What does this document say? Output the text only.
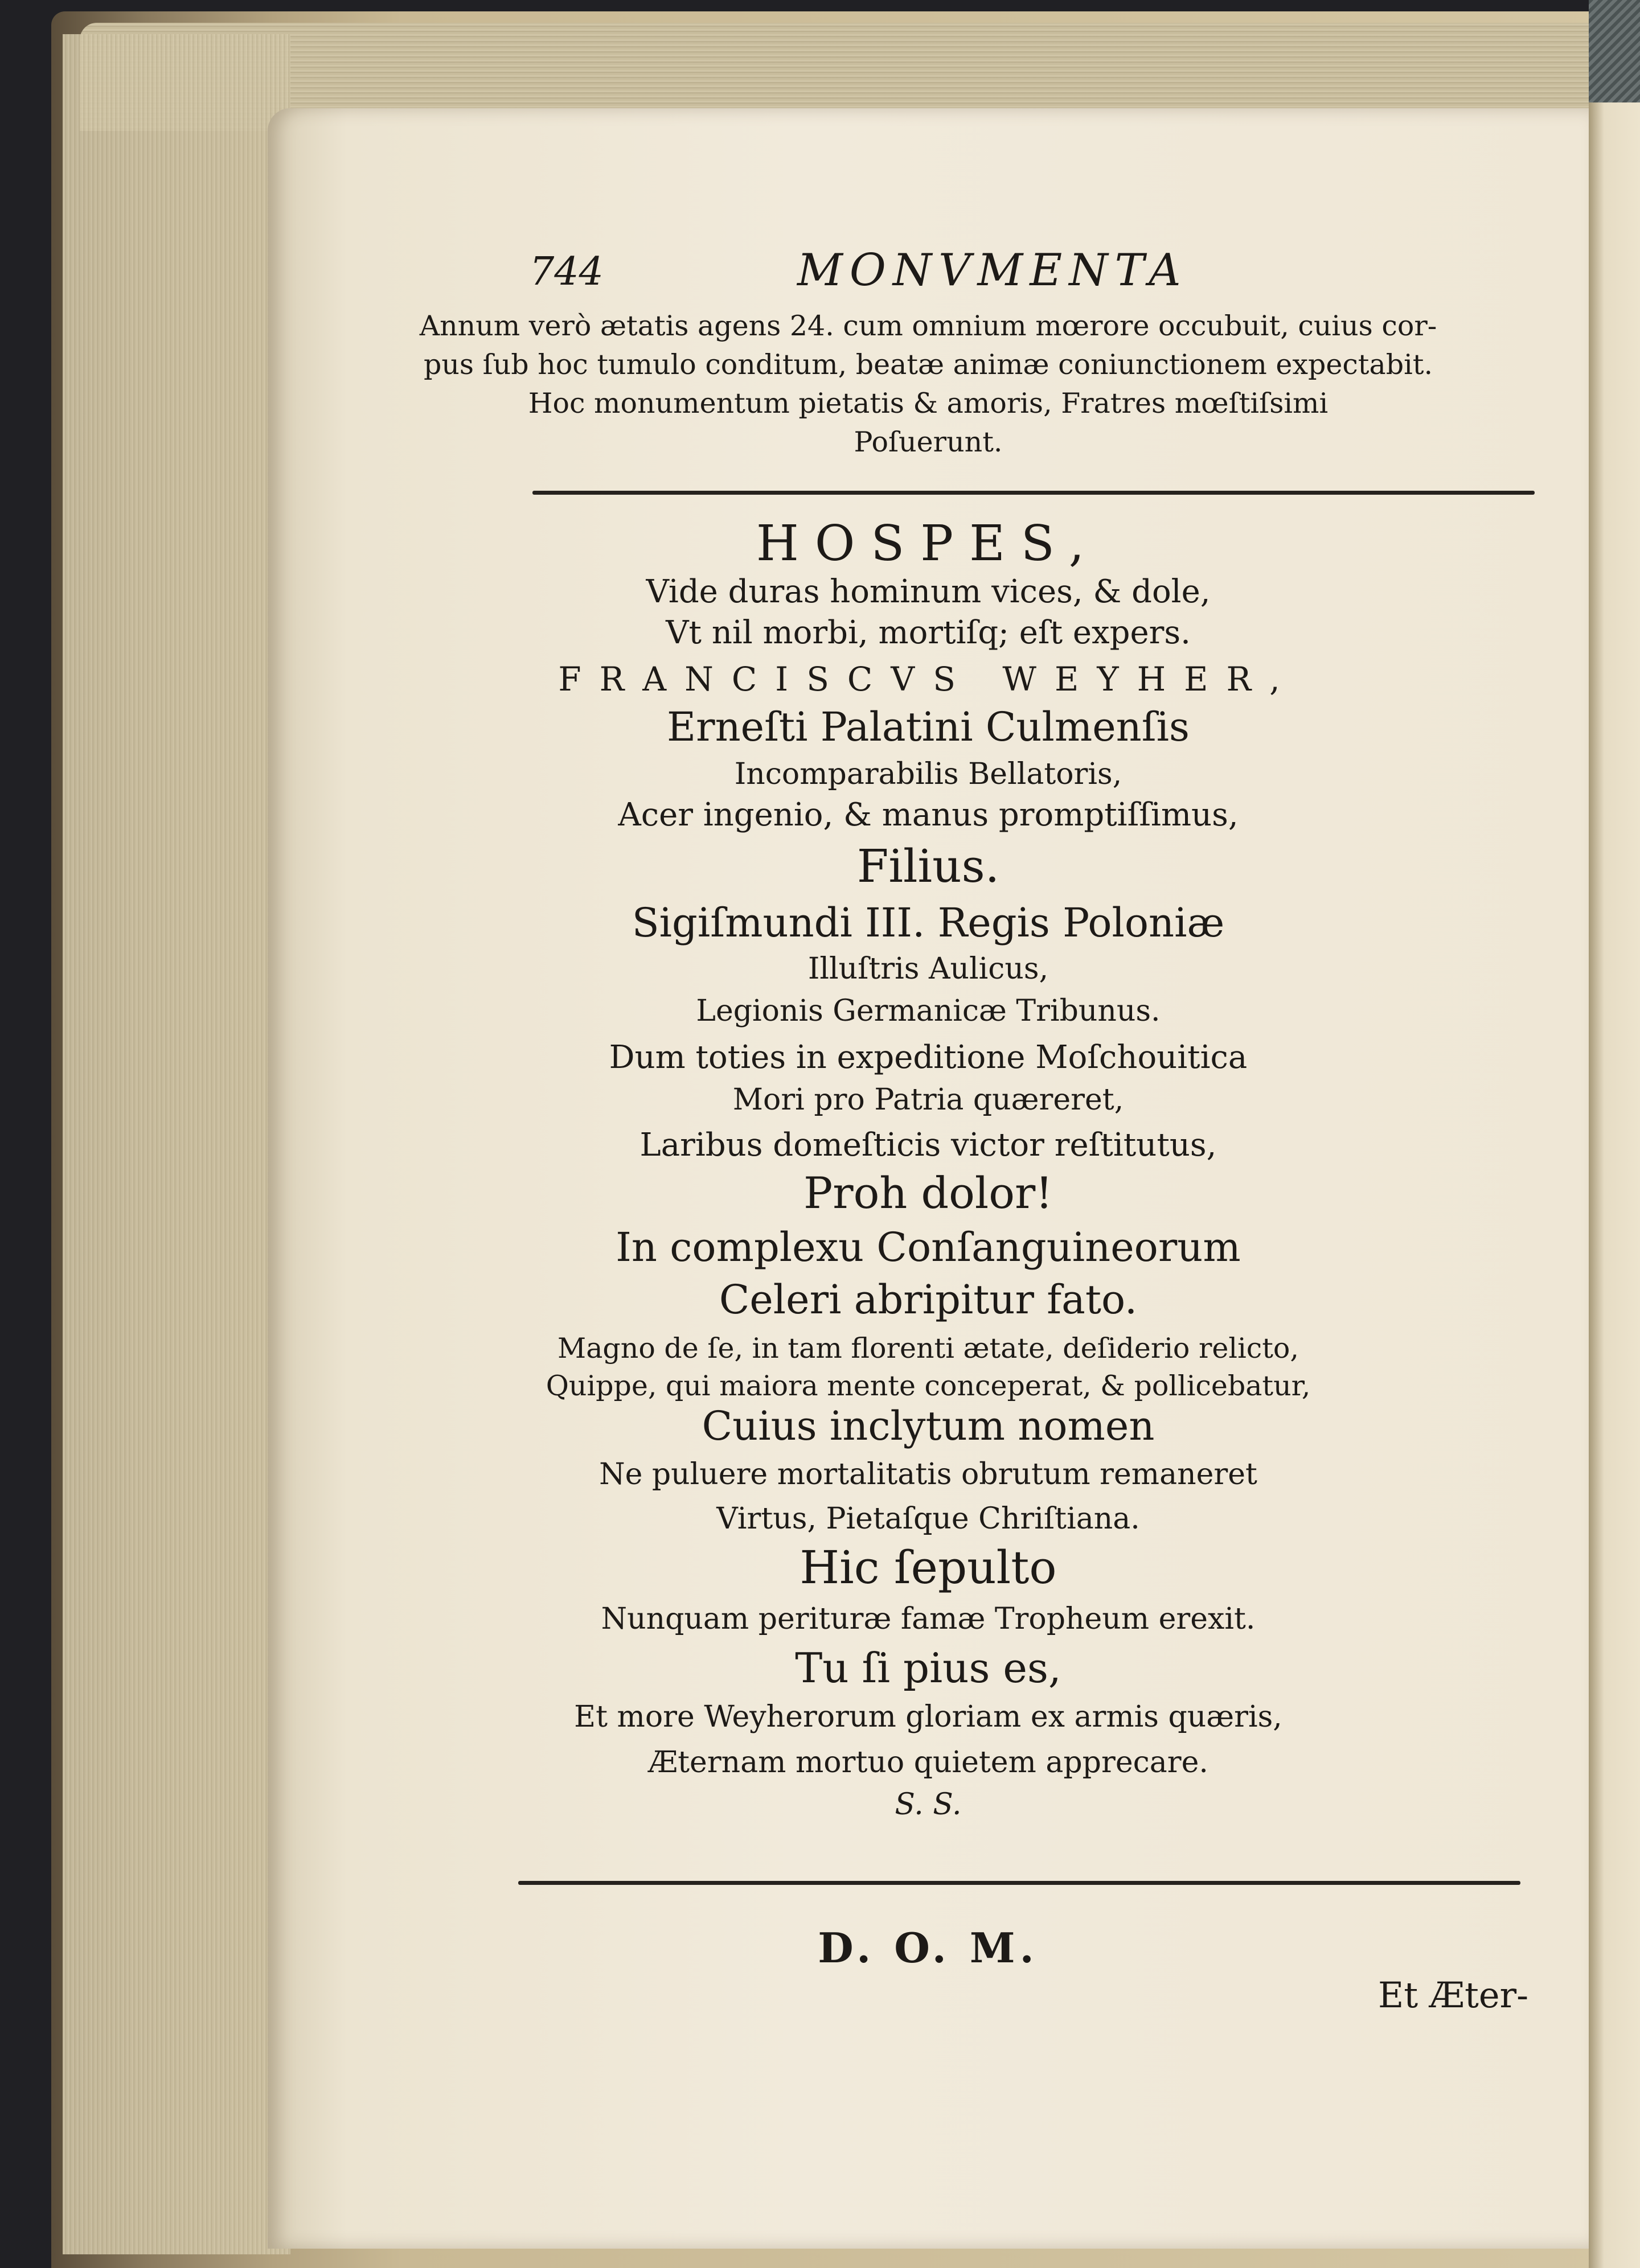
744	MONVMENTA
Annum verò ætatis agens 24. cum omnium mœrore occubuit, cuius cor-
pus ſub hoc tumulo conditum, beatæ animæ coniunctionem expectabit.
Hoc monumentum pietatis & amoris, Fratres mœſtiſsimi
Poſuerunt.
HOSPES,
Vide duras hominum vices, & dole,
Vt nil morbi, mortiſq; eſt expers.
FRANCISCVS WEYHER,
Erneſti Palatini Culmenſis
Incomparabilis Bellatoris,
Acer ingenio, & manus promptiſſimus,
Filius.
Sigiſmundi III. Regis Poloniæ
Illuſtris Aulicus,
Legionis Germanicæ Tribunus.
Dum toties in expeditione Moſchouitica
Mori pro Patria quæreret,
Laribus domeſticis victor reſtitutus,
Proh dolor!
In complexu Conſanguineorum
Celeri abripitur fato.
Magno de ſe, in tam florenti ætate, deſiderio relicto,
Quippe, qui maiora mente conceperat, & pollicebatur,
Cuius inclytum nomen
Ne puluere mortalitatis obrutum remaneret
Virtus, Pietaſque Chriſtiana.
Hic ſepulto
Nunquam perituræ famæ Tropheum erexit.
Tu ſi pius es,
Et more Weyherorum gloriam ex armis quæris,
Æternam mortuo quietem apprecare.
S. S.
D. O. M.
Et Æter-
